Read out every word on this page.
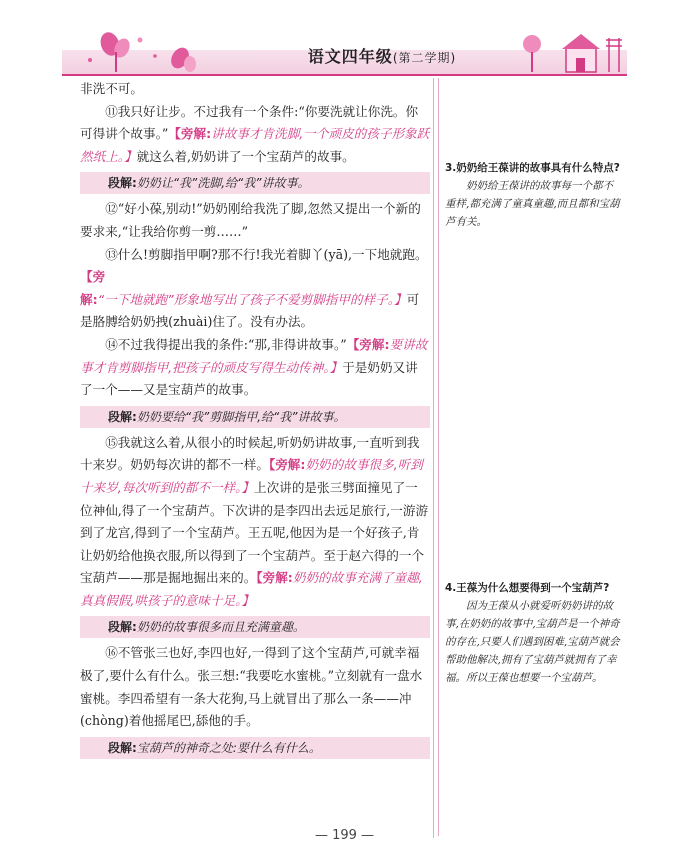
语文四年级(第二学期)

非洗不可。

⑪我只好让步。不过我有一个条件:“你要洗就让你洗。你可得讲个故事。”【旁解:讲故事才肯洗脚,一个顽皮的孩子形象跃然纸上。】就这么着,奶奶讲了一个宝葫芦的故事。

段解:奶奶让“我”洗脚,给“我”讲故事。

⑫“好小葆,别动!”奶奶刚给我洗了脚,忽然又提出一个新的要求来,“让我给你剪一剪……”

⑬什么!剪脚指甲啊?那不行!我光着脚丫(yā),一下地就跑。【旁解:“一下地就跑”形象地写出了孩子不爱剪脚指甲的样子。】可是胳膊给奶奶拽(zhuài)住了。没有办法。

⑭不过我得提出我的条件:“那,非得讲故事。”【旁解:要讲故事才肯剪脚指甲,把孩子的顽皮写得生动传神。】于是奶奶又讲了一个——又是宝葫芦的故事。

段解:奶奶要给“我”剪脚指甲,给“我”讲故事。

⑮我就这么着,从很小的时候起,听奶奶讲故事,一直听到我十来岁。奶奶每次讲的都不一样。【旁解:奶奶的故事很多,听到十来岁,每次听到的都不一样。】上次讲的是张三劈面撞见了一位神仙,得了一个宝葫芦。下次讲的是李四出去远足旅行,一游游到了龙宫,得到了一个宝葫芦。王五呢,他因为是一个好孩子,肯让奶奶给他换衣服,所以得到了一个宝葫芦。至于赵六得的一个宝葫芦——那是掘地掘出来的。【旁解:奶奶的故事充满了童趣,真真假假,哄孩子的意味十足。】

段解:奶奶的故事很多而且充满童趣。

⑯不管张三也好,李四也好,一得到了这个宝葫芦,可就幸福极了,要什么有什么。张三想:“我要吃水蜜桃。”立刻就有一盘水蜜桃。李四希望有一条大花狗,马上就冒出了那么一条——冲(chòng)着他摇尾巴,舔他的手。

段解:宝葫芦的神奇之处:要什么有什么。
3.奶奶给王葆讲的故事具有什么特点?
奶奶给王葆讲的故事每一个都不重样,都充满了童真童趣,而且都和宝葫芦有关。
4.王葆为什么想要得到一个宝葫芦?
因为王葆从小就爱听奶奶讲的故事,在奶奶的故事中,宝葫芦是一个神奇的存在,只要人们遇到困难,宝葫芦就会帮助他解决,拥有了宝葫芦就拥有了幸福。所以王葆也想要一个宝葫芦。
— 199 —
